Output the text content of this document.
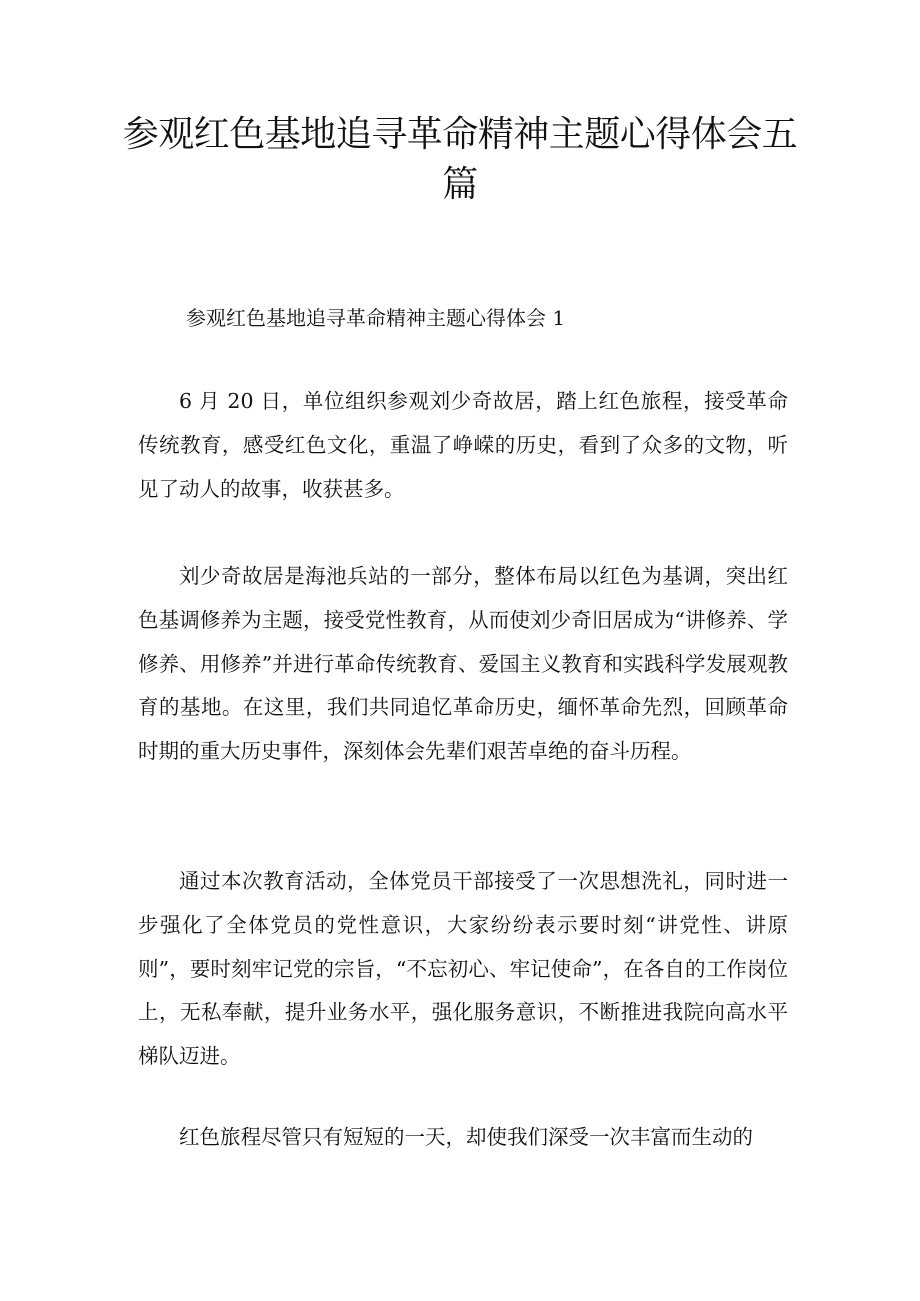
参观红色基地追寻革命精神主题心得体会五篇

参观红色基地追寻革命精神主题心得体会 1

6 月 20 日，单位组织参观刘少奇故居，踏上红色旅程，接受革命传统教育，感受红色文化，重温了峥嵘的历史，看到了众多的文物，听见了动人的故事，收获甚多。

刘少奇故居是海池兵站的一部分，整体布局以红色为基调，突出红色基调修养为主题，接受党性教育，从而使刘少奇旧居成为“讲修养、学修养、用修养”并进行革命传统教育、爱国主义教育和实践科学发展观教育的基地。在这里，我们共同追忆革命历史，缅怀革命先烈，回顾革命时期的重大历史事件，深刻体会先辈们艰苦卓绝的奋斗历程。

通过本次教育活动，全体党员干部接受了一次思想洗礼，同时进一步强化了全体党员的党性意识，大家纷纷表示要时刻“讲党性、讲原则”，要时刻牢记党的宗旨，“不忘初心、牢记使命”，在各自的工作岗位上，无私奉献，提升业务水平，强化服务意识，不断推进我院向高水平梯队迈进。

红色旅程尽管只有短短的一天，却使我们深受一次丰富而生动的
